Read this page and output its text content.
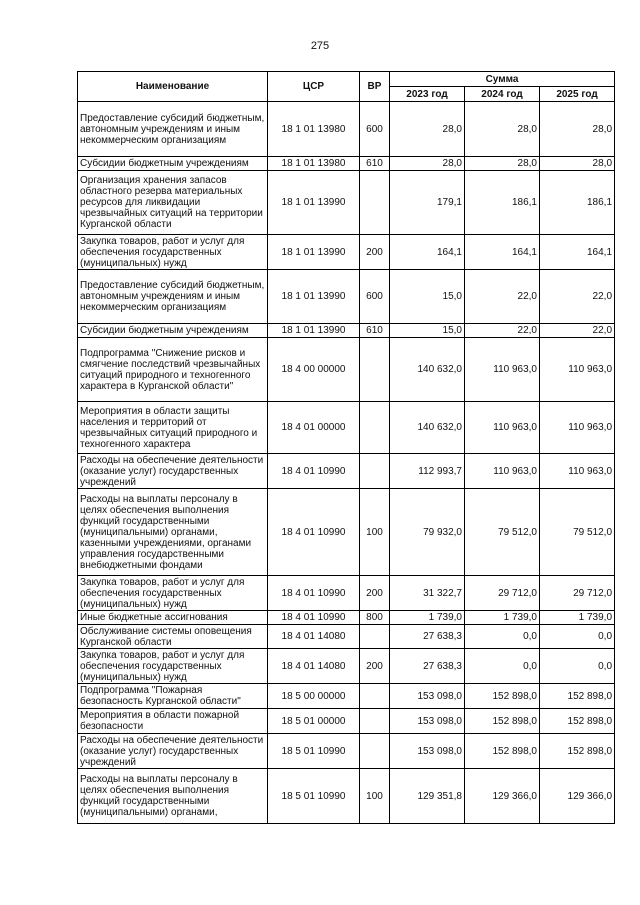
275
Наименование	ЦСР	ВР	Сумма		
			2023 год	2024 год	2025 год
Предоставление субсидий бюджетным, автономным учреждениям и иным некоммерческим организациям	18 1 01 13980	600	28,0	28,0	28,0
Субсидии бюджетным учреждениям	18 1 01 13980	610	28,0	28,0	28,0
Организация хранения запасов областного резерва материальных ресурсов для ликвидации чрезвычайных ситуаций на территории Курганской области	18 1 01 13990		179,1	186,1	186,1
Закупка товаров, работ и услуг для обеспечения государственных (муниципальных) нужд	18 1 01 13990	200	164,1	164,1	164,1
Предоставление субсидий бюджетным, автономным учреждениям и иным некоммерческим организациям	18 1 01 13990	600	15,0	22,0	22,0
Субсидии бюджетным учреждениям	18 1 01 13990	610	15,0	22,0	22,0
Подпрограмма "Снижение рисков и смягчение последствий чрезвычайных ситуаций природного и техногенного характера в Курганской области"	18 4 00 00000		140 632,0	110 963,0	110 963,0
Мероприятия в области защиты населения и территорий от чрезвычайных ситуаций природного и техногенного характера	18 4 01 00000		140 632,0	110 963,0	110 963,0
Расходы на обеспечение деятельности (оказание услуг) государственных учреждений	18 4 01 10990		112 993,7	110 963,0	110 963,0
Расходы на выплаты персоналу в целях обеспечения выполнения функций государственными (муниципальными) органами, казенными учреждениями, органами управления государственными внебюджетными фондами	18 4 01 10990	100	79 932,0	79 512,0	79 512,0
Закупка товаров, работ и услуг для обеспечения государственных (муниципальных) нужд	18 4 01 10990	200	31 322,7	29 712,0	29 712,0
Иные бюджетные ассигнования	18 4 01 10990	800	1 739,0	1 739,0	1 739,0
Обслуживание системы оповещения Курганской области	18 4 01 14080		27 638,3	0,0	0,0
Закупка товаров, работ и услуг для обеспечения государственных (муниципальных) нужд	18 4 01 14080	200	27 638,3	0,0	0,0
Подпрограмма "Пожарная безопасность Курганской области"	18 5 00 00000		153 098,0	152 898,0	152 898,0
Мероприятия в области пожарной безопасности	18 5 01 00000		153 098,0	152 898,0	152 898,0
Расходы на обеспечение деятельности (оказание услуг) государственных учреждений	18 5 01 10990		153 098,0	152 898,0	152 898,0
Расходы на выплаты персоналу в целях обеспечения выполнения функций государственными (муниципальными) органами,	18 5 01 10990	100	129 351,8	129 366,0	129 366,0
